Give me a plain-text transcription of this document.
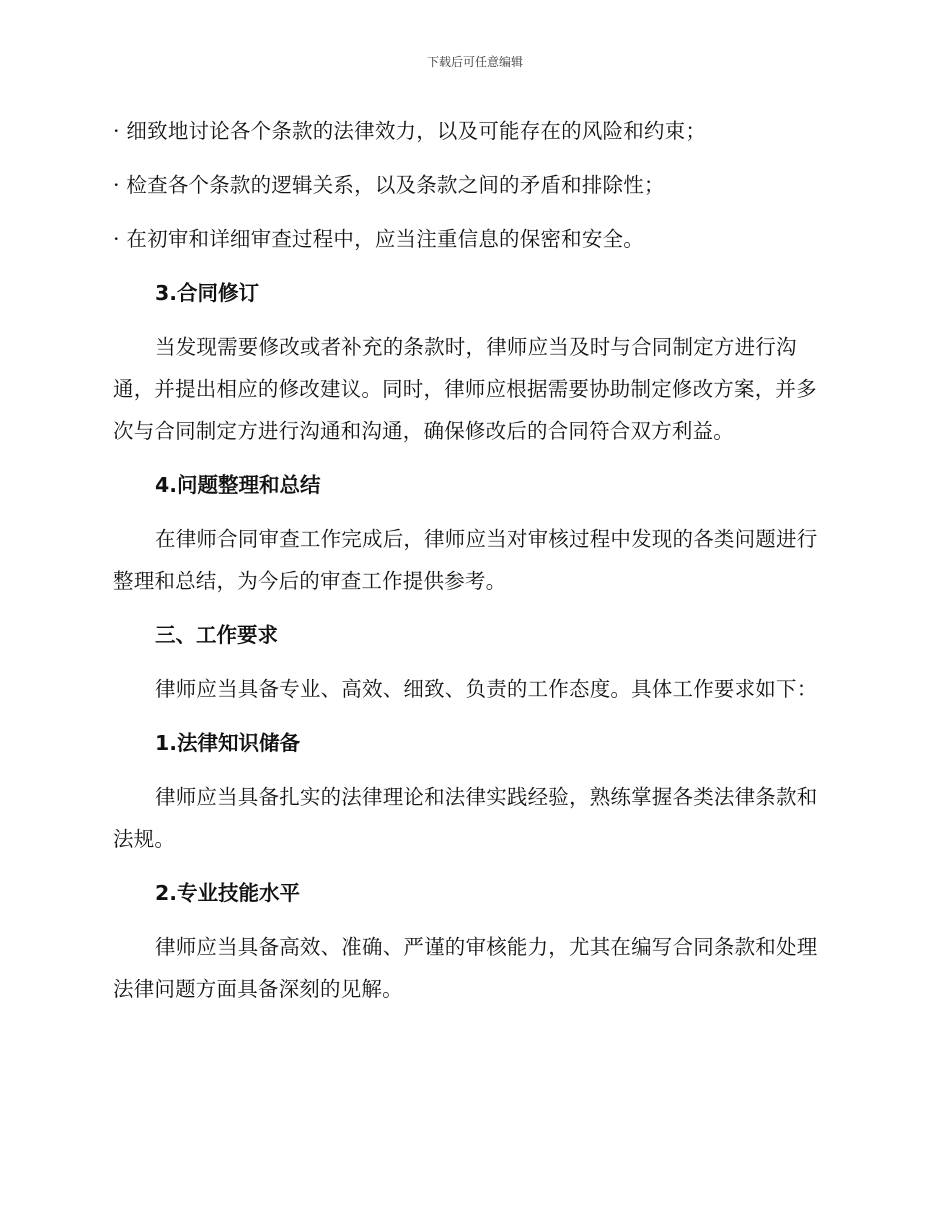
下载后可任意编辑

· 细致地讨论各个条款的法律效力，以及可能存在的风险和约束；

· 检查各个条款的逻辑关系，以及条款之间的矛盾和排除性；

· 在初审和详细审查过程中，应当注重信息的保密和安全。

3.合同修订

当发现需要修改或者补充的条款时，律师应当及时与合同制定方进行沟通，并提出相应的修改建议。同时，律师应根据需要协助制定修改方案，并多次与合同制定方进行沟通和沟通，确保修改后的合同符合双方利益。

4.问题整理和总结

在律师合同审查工作完成后，律师应当对审核过程中发现的各类问题进行整理和总结，为今后的审查工作提供参考。

三、工作要求

律师应当具备专业、高效、细致、负责的工作态度。具体工作要求如下：

1.法律知识储备

律师应当具备扎实的法律理论和法律实践经验，熟练掌握各类法律条款和法规。

2.专业技能水平

律师应当具备高效、准确、严谨的审核能力，尤其在编写合同条款和处理法律问题方面具备深刻的见解。
